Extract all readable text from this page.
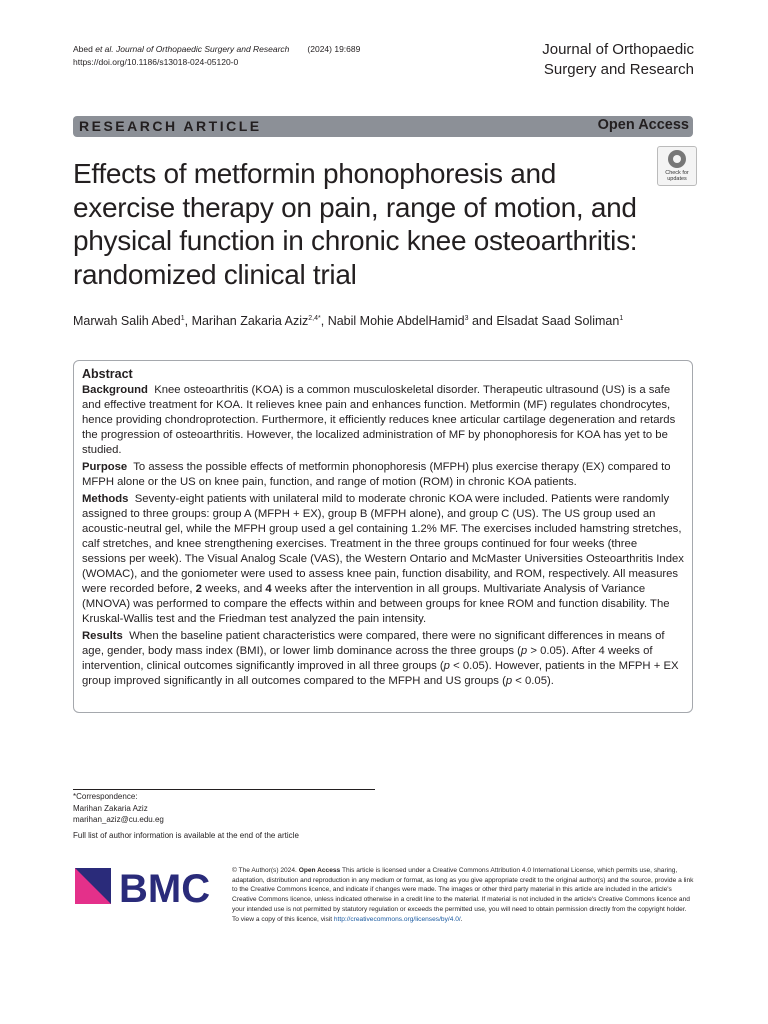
Abed et al. Journal of Orthopaedic Surgery and Research (2024) 19:689
https://doi.org/10.1186/s13018-024-05120-0
Journal of Orthopaedic
Surgery and Research
RESEARCH ARTICLE	Open Access
Check for
updates
Effects of metformin phonophoresis and exercise therapy on pain, range of motion, and physical function in chronic knee osteoarthritis: randomized clinical trial
Marwah Salih Abed$^1$, Marihan Zakaria Aziz$^{2,4*}$, Nabil Mohie AbdelHamid$^3$ and Elsadat Saad Soliman$^1$
Abstract

Background Knee osteoarthritis (KOA) is a common musculoskeletal disorder. Therapeutic ultrasound (US) is a safe and effective treatment for KOA. It relieves knee pain and enhances function. Metformin (MF) regulates chondrocytes, hence providing chondroprotection. Furthermore, it efficiently reduces knee articular cartilage degeneration and retards the progression of osteoarthritis. However, the localized administration of MF by phonophoresis for KOA has yet to be studied.

Purpose To assess the possible effects of metformin phonophoresis (MFPH) plus exercise therapy (EX) compared to MFPH alone or the US on knee pain, function, and range of motion (ROM) in chronic KOA patients.

Methods Seventy-eight patients with unilateral mild to moderate chronic KOA were included. Patients were randomly assigned to three groups: group A (MFPH + EX), group B (MFPH alone), and group C (US). The US group used an acoustic-neutral gel, while the MFPH group used a gel containing 1.2% MF. The exercises included hamstring stretches, calf stretches, and knee strengthening exercises. Treatment in the three groups continued for four weeks (three sessions per week). The Visual Analog Scale (VAS), the Western Ontario and McMaster Universities Osteoarthritis Index (WOMAC), and the goniometer were used to assess knee pain, function disability, and ROM, respectively. All measures were recorded before, 2 weeks, and 4 weeks after the intervention in all groups. Multivariate Analysis of Variance (MNOVA) was performed to compare the effects within and between groups for knee ROM and function disability. The Kruskal-Wallis test and the Friedman test analyzed the pain intensity.

Results When the baseline patient characteristics were compared, there were no significant differences in means of age, gender, body mass index (BMI), or lower limb dominance across the three groups (p > 0.05). After 4 weeks of intervention, clinical outcomes significantly improved in all three groups (p < 0.05). However, patients in the MFPH + EX group improved significantly in all outcomes compared to the MFPH and US groups (p < 0.05).

*Correspondence:
Marihan Zakaria Aziz
marihan_aziz@cu.edu.eg
Full list of author information is available at the end of the article
BMC	© The Author(s) 2024. Open Access This article is licensed under a Creative Commons Attribution 4.0 International License, which permits use, sharing, adaptation, distribution and reproduction in any medium or format, as long as you give appropriate credit to the original author(s) and the source, provide a link to the Creative Commons licence, and indicate if changes were made. The images or other third party material in this article are included in the article's Creative Commons licence, unless indicated otherwise in a credit line to the material. If material is not included in the article's Creative Commons licence and your intended use is not permitted by statutory regulation or exceeds the permitted use, you will need to obtain permission directly from the copyright holder. To view a copy of this licence, visit http://creativecommons.org/licenses/by/4.0/.
